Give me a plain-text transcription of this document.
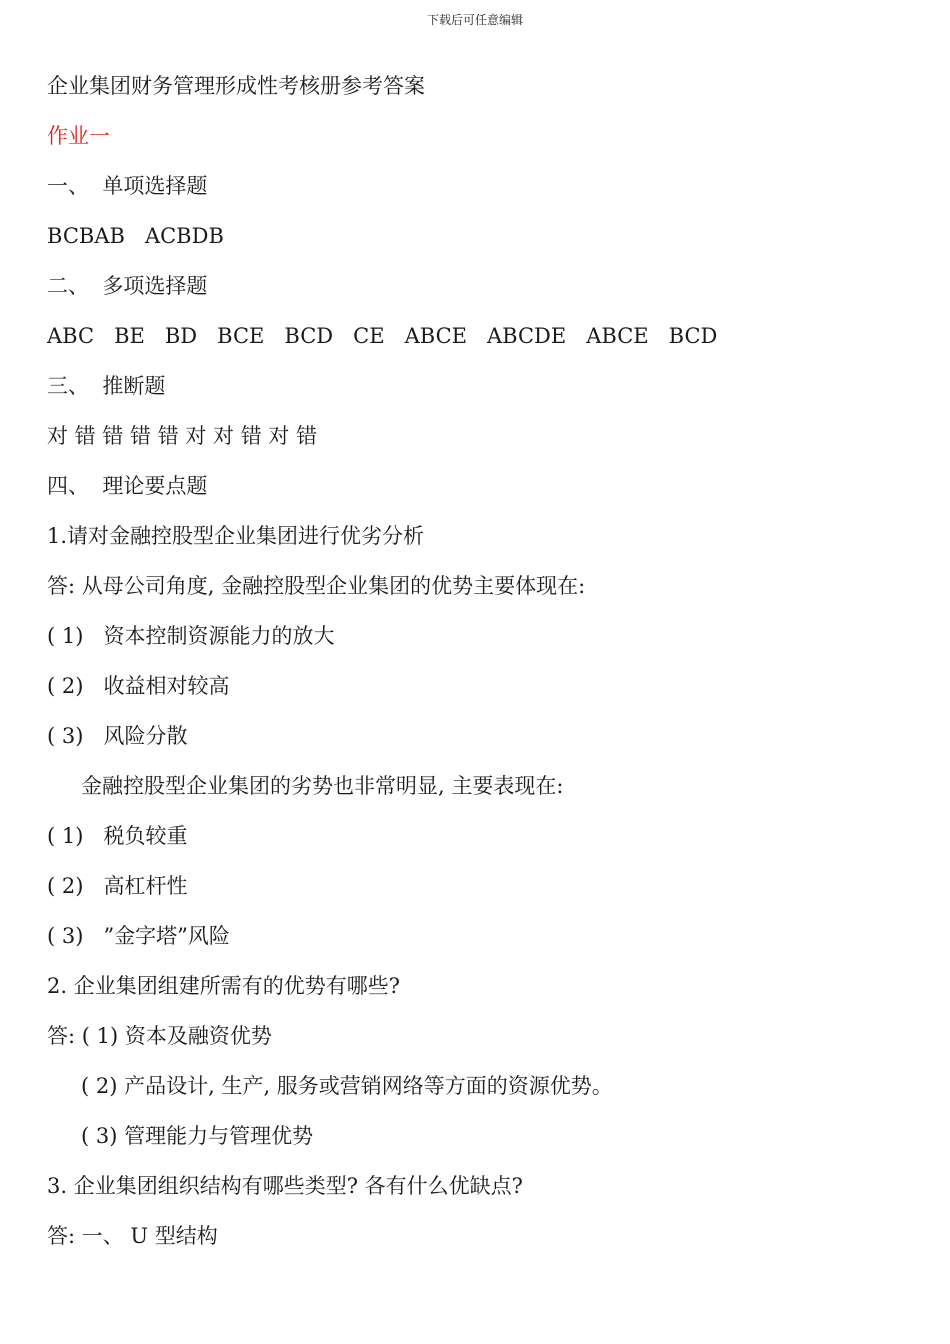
下载后可任意编辑
企业集团财务管理形成性考核册参考答案
作业一
一、  单项选择题
BCBAB   ACBDB
二、  多项选择题
ABC   BE   BD   BCE   BCD   CE   ABCE   ABCDE   ABCE   BCD
三、  推断题
对 错 错 错 错 对 对 错 对 错
四、  理论要点题
1.请对金融控股型企业集团进行优劣分析
答: 从母公司角度, 金融控股型企业集团的优势主要体现在:
( 1)   资本控制资源能力的放大
( 2)   收益相对较高
( 3)   风险分散
金融控股型企业集团的劣势也非常明显, 主要表现在:
( 1)   税负较重
( 2)   高杠杆性
( 3)   ”金字塔”风险
2. 企业集团组建所需有的优势有哪些?
答: ( 1) 资本及融资优势
( 2) 产品设计, 生产, 服务或营销网络等方面的资源优势。
( 3) 管理能力与管理优势
3. 企业集团组织结构有哪些类型? 各有什么优缺点?
答: 一、 U 型结构
